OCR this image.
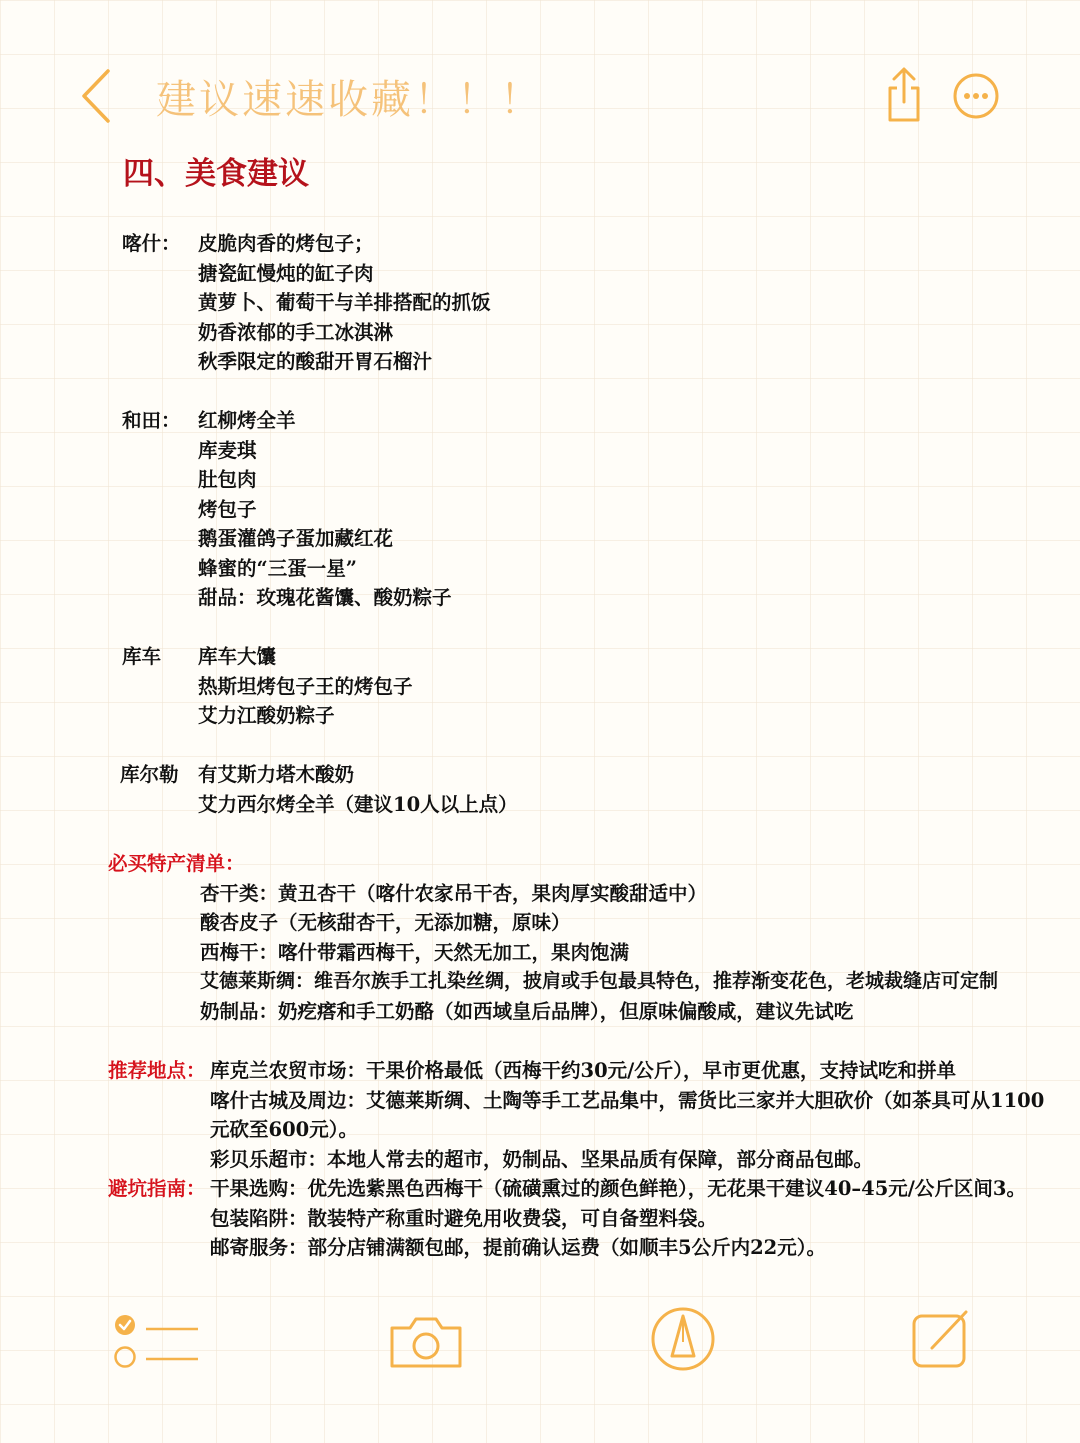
建议速速收藏！！！
四、美食建议
喀什： 皮脆肉香的烤包子；
搪瓷缸慢炖的缸子肉
黄萝卜、葡萄干与羊排搭配的抓饭
奶香浓郁的手工冰淇淋
秋季限定的酸甜开胃石榴汁
和田： 红柳烤全羊
库麦琪
肚包肉
烤包子
鹅蛋灌鸽子蛋加藏红花
蜂蜜的“三蛋一星”
甜品：玫瑰花酱馕、酸奶粽子
库车 库车大馕
热斯坦烤包子王的烤包子
艾力江酸奶粽子
库尔勒 有艾斯力塔木酸奶
艾力西尔烤全羊（建议10人以上点）
必买特产清单：
杏干类：黄丑杏干（喀什农家吊干杏，果肉厚实酸甜适中）
酸杏皮子（无核甜杏干，无添加糖，原味）
西梅干：喀什带霜西梅干，天然无加工，果肉饱满
艾德莱斯绸：维吾尔族手工扎染丝绸，披肩或手包最具特色，推荐渐变花色，老城裁缝店可定制
奶制品：奶疙瘩和手工奶酪（如西域皇后品牌），但原味偏酸咸，建议先试吃
推荐地点： 库克兰农贸市场：干果价格最低（西梅干约30元/公斤），早市更优惠，支持试吃和拼单
喀什古城及周边：艾德莱斯绸、土陶等手工艺品集中，需货比三家并大胆砍价（如茶具可从1100
元砍至600元）。
彩贝乐超市：本地人常去的超市，奶制品、坚果品质有保障，部分商品包邮。
避坑指南： 干果选购：优先选紫黑色西梅干（硫磺熏过的颜色鲜艳），无花果干建议40–45元/公斤区间3。
包装陷阱：散装特产称重时避免用收费袋，可自备塑料袋。
邮寄服务：部分店铺满额包邮，提前确认运费（如顺丰5公斤内22元）。
